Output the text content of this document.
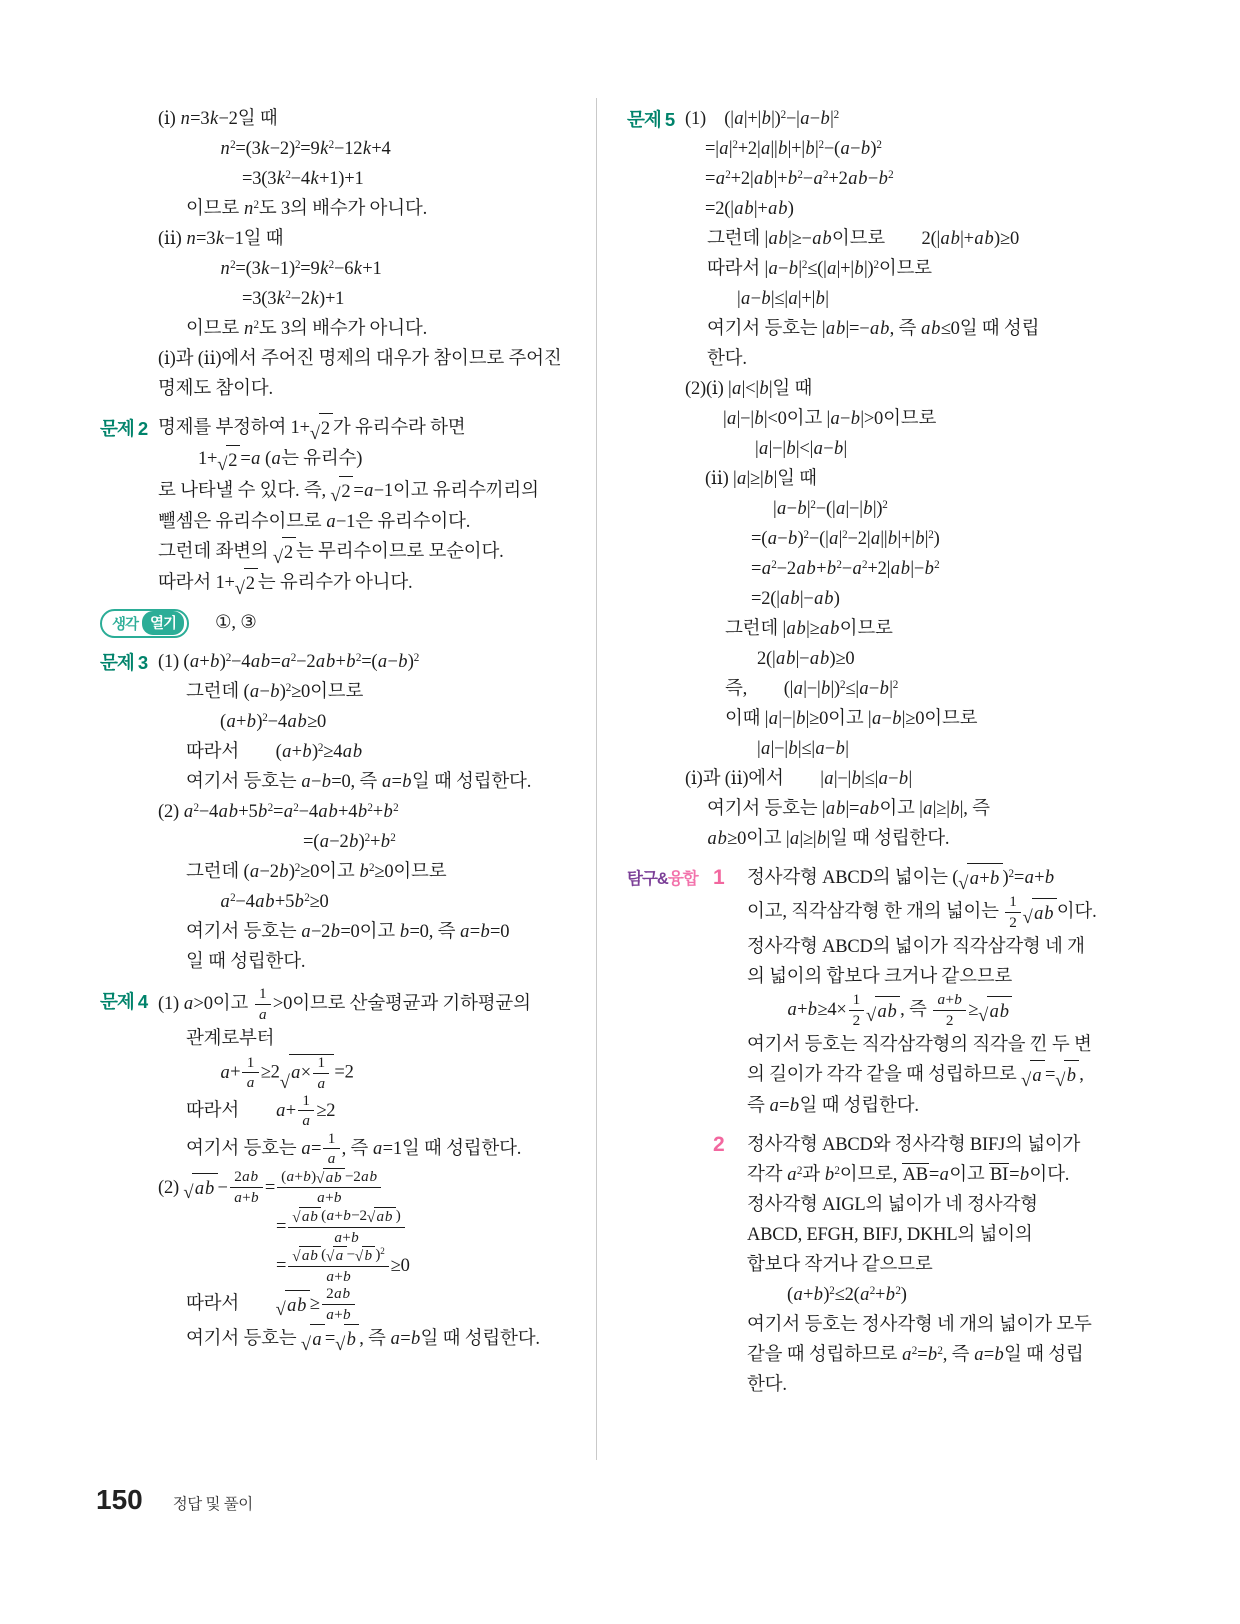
(ⅰ) n=3k−2일 때
$n^2=(3k-2)^2=9k^2-12k+4$
$=3(3k^2-4k+1)+1$
이므로 $n^2$도 3의 배수가 아니다.
(ⅱ) n=3k−1일 때
$n^2=(3k-1)^2=9k^2-6k+1$
$=3(3k^2-2k)+1$
이므로 $n^2$도 3의 배수가 아니다.
(ⅰ)과 (ⅱ)에서 주어진 명제의 대우가 참이므로 주어진
명제도 참이다.
문제 2 명제를 부정하여 1+ √ 2 가 유리수라 하면
1+ √ 2 =a (a는 유리수)
로 나타낼 수 있다. 즉, √ 2 =a−1이고 유리수끼리의
뺄셈은 유리수이므로 a−1은 유리수이다.
그런데 좌변의 √ 2 는 무리수이므로 모순이다.
따라서 1+ √ 2 는 유리수가 아니다.
생각 열기	①, ③
문제 3 (1) $(a+b)^2-4ab=a^2-2ab+b^2=(a-b)^2$
그런데 $(a-b)^2\ge 0$이므로
$(a+b)^2-4ab\ge 0$
따라서　　$(a+b)^2\ge 4ab$
여기서 등호는 a−b=0, 즉 a=b일 때 성립한다.
(2) $a^2-4ab+5b^2=a^2-4ab+4b^2+b^2$
$=(a-2b)^2+b^2$
그런데 $(a-2b)^2\ge 0$이고 $b^2\ge 0$이므로
$a^2-4ab+5b^2\ge 0$
여기서 등호는 a−2b=0이고 b=0, 즉 a=b=0
일 때 성립한다.
문제 4 (1) a>0이고 $\frac{1}{a} >0$이므로 산술평균과 기하평균의
관계로부터
$a+ \frac{1}{a} \ge 2$ √ $a\times \frac{1}{a} =2$
따라서　　$a+ \frac{1}{a} \ge 2$
여기서 등호는 $a= \frac{1}{a}$ , 즉 a=1일 때 성립한다.
(2) √ ab − $\frac{2ab}{a+b} = \frac{(a+b) √ ab -2ab}{a+b}$
= $\frac{√ ab (a+b-2 √ ab )}{a+b}$
= $\frac{√ ab ( √ a - √ b )^2}{a+b} \ge 0$
따라서　　 √ ab ≥ $\frac{2ab}{a+b}$
여기서 등호는 √ a = √ b , 즉 a=b일 때 성립한다.
문제 5 (1)　$(|a|+|b|)^2-|a-b|^2$
$=|a|^2+2|a||b|+|b|^2-(a-b)^2$
$=a^2+2|ab|+b^2-a^2+2ab-b^2$
=2(|ab|+ab)
그런데 |ab|≥−ab이므로　　2(|ab|+ab)≥0
따라서 $|a-b|^2\le(|a|+|b|)^2$이므로
|a−b|≤|a|+|b|
여기서 등호는 |ab|=−ab, 즉 ab≤0일 때 성립
한다.
(2)(ⅰ) |a|<|b|일 때
|a|−|b|<0이고 |a−b|>0이므로
|a|−|b|<|a−b|
(ⅱ) |a|≥|b|일 때
$|a-b|^2-(|a|-|b|)^2$
$=(a-b)^2-(|a|^2-2|a||b|+|b|^2)$
$=a^2-2ab+b^2-a^2+2|ab|-b^2$
=2(|ab|−ab)
그런데 |ab|≥ab이므로
2(|ab|−ab)≥0
즉,　　$(|a|-|b|)^2\le|a-b|^2$
이때 |a|−|b|≥0이고 |a−b|≥0이므로
|a|−|b|≤|a−b|
(ⅰ)과 (ⅱ)에서　　|a|−|b|≤|a−b|
여기서 등호는 |ab|=ab이고 |a|≥|b|, 즉
ab≥0이고 |a|≥|b|일 때 성립한다.
탐구&융합 1	정사각형 ABCD의 넓이는 ( √ a+b )$^2$=a+b
이고, 직각삼각형 한 개의 넓이는 $\frac{1}{2}$ √ ab 이다.
정사각형 ABCD의 넓이가 직각삼각형 네 개
의 넓이의 합보다 크거나 같으므로
$a+b\ge 4\times \frac{1}{2}$ √ ab , 즉 $\frac{a+b}{2}$ ≥ √ ab
여기서 등호는 직각삼각형의 직각을 낀 두 변
의 길이가 각각 같을 때 성립하므로 √ a = √ b ,
즉 a=b일 때 성립한다.
2	정사각형 ABCD와 정사각형 BIFJ의 넓이가
각각 $a^2$과 $b^2$이므로, AB=a이고 BI=b이다.
정사각형 AIGL의 넓이가 네 정사각형
ABCD, EFGH, BIFJ, DKHL의 넓이의
합보다 작거나 같으므로
$(a+b)^2\le 2(a^2+b^2)$
여기서 등호는 정사각형 네 개의 넓이가 모두
같을 때 성립하므로 $a^2=b^2$, 즉 a=b일 때 성립
한다.
150 정답 및 풀이
